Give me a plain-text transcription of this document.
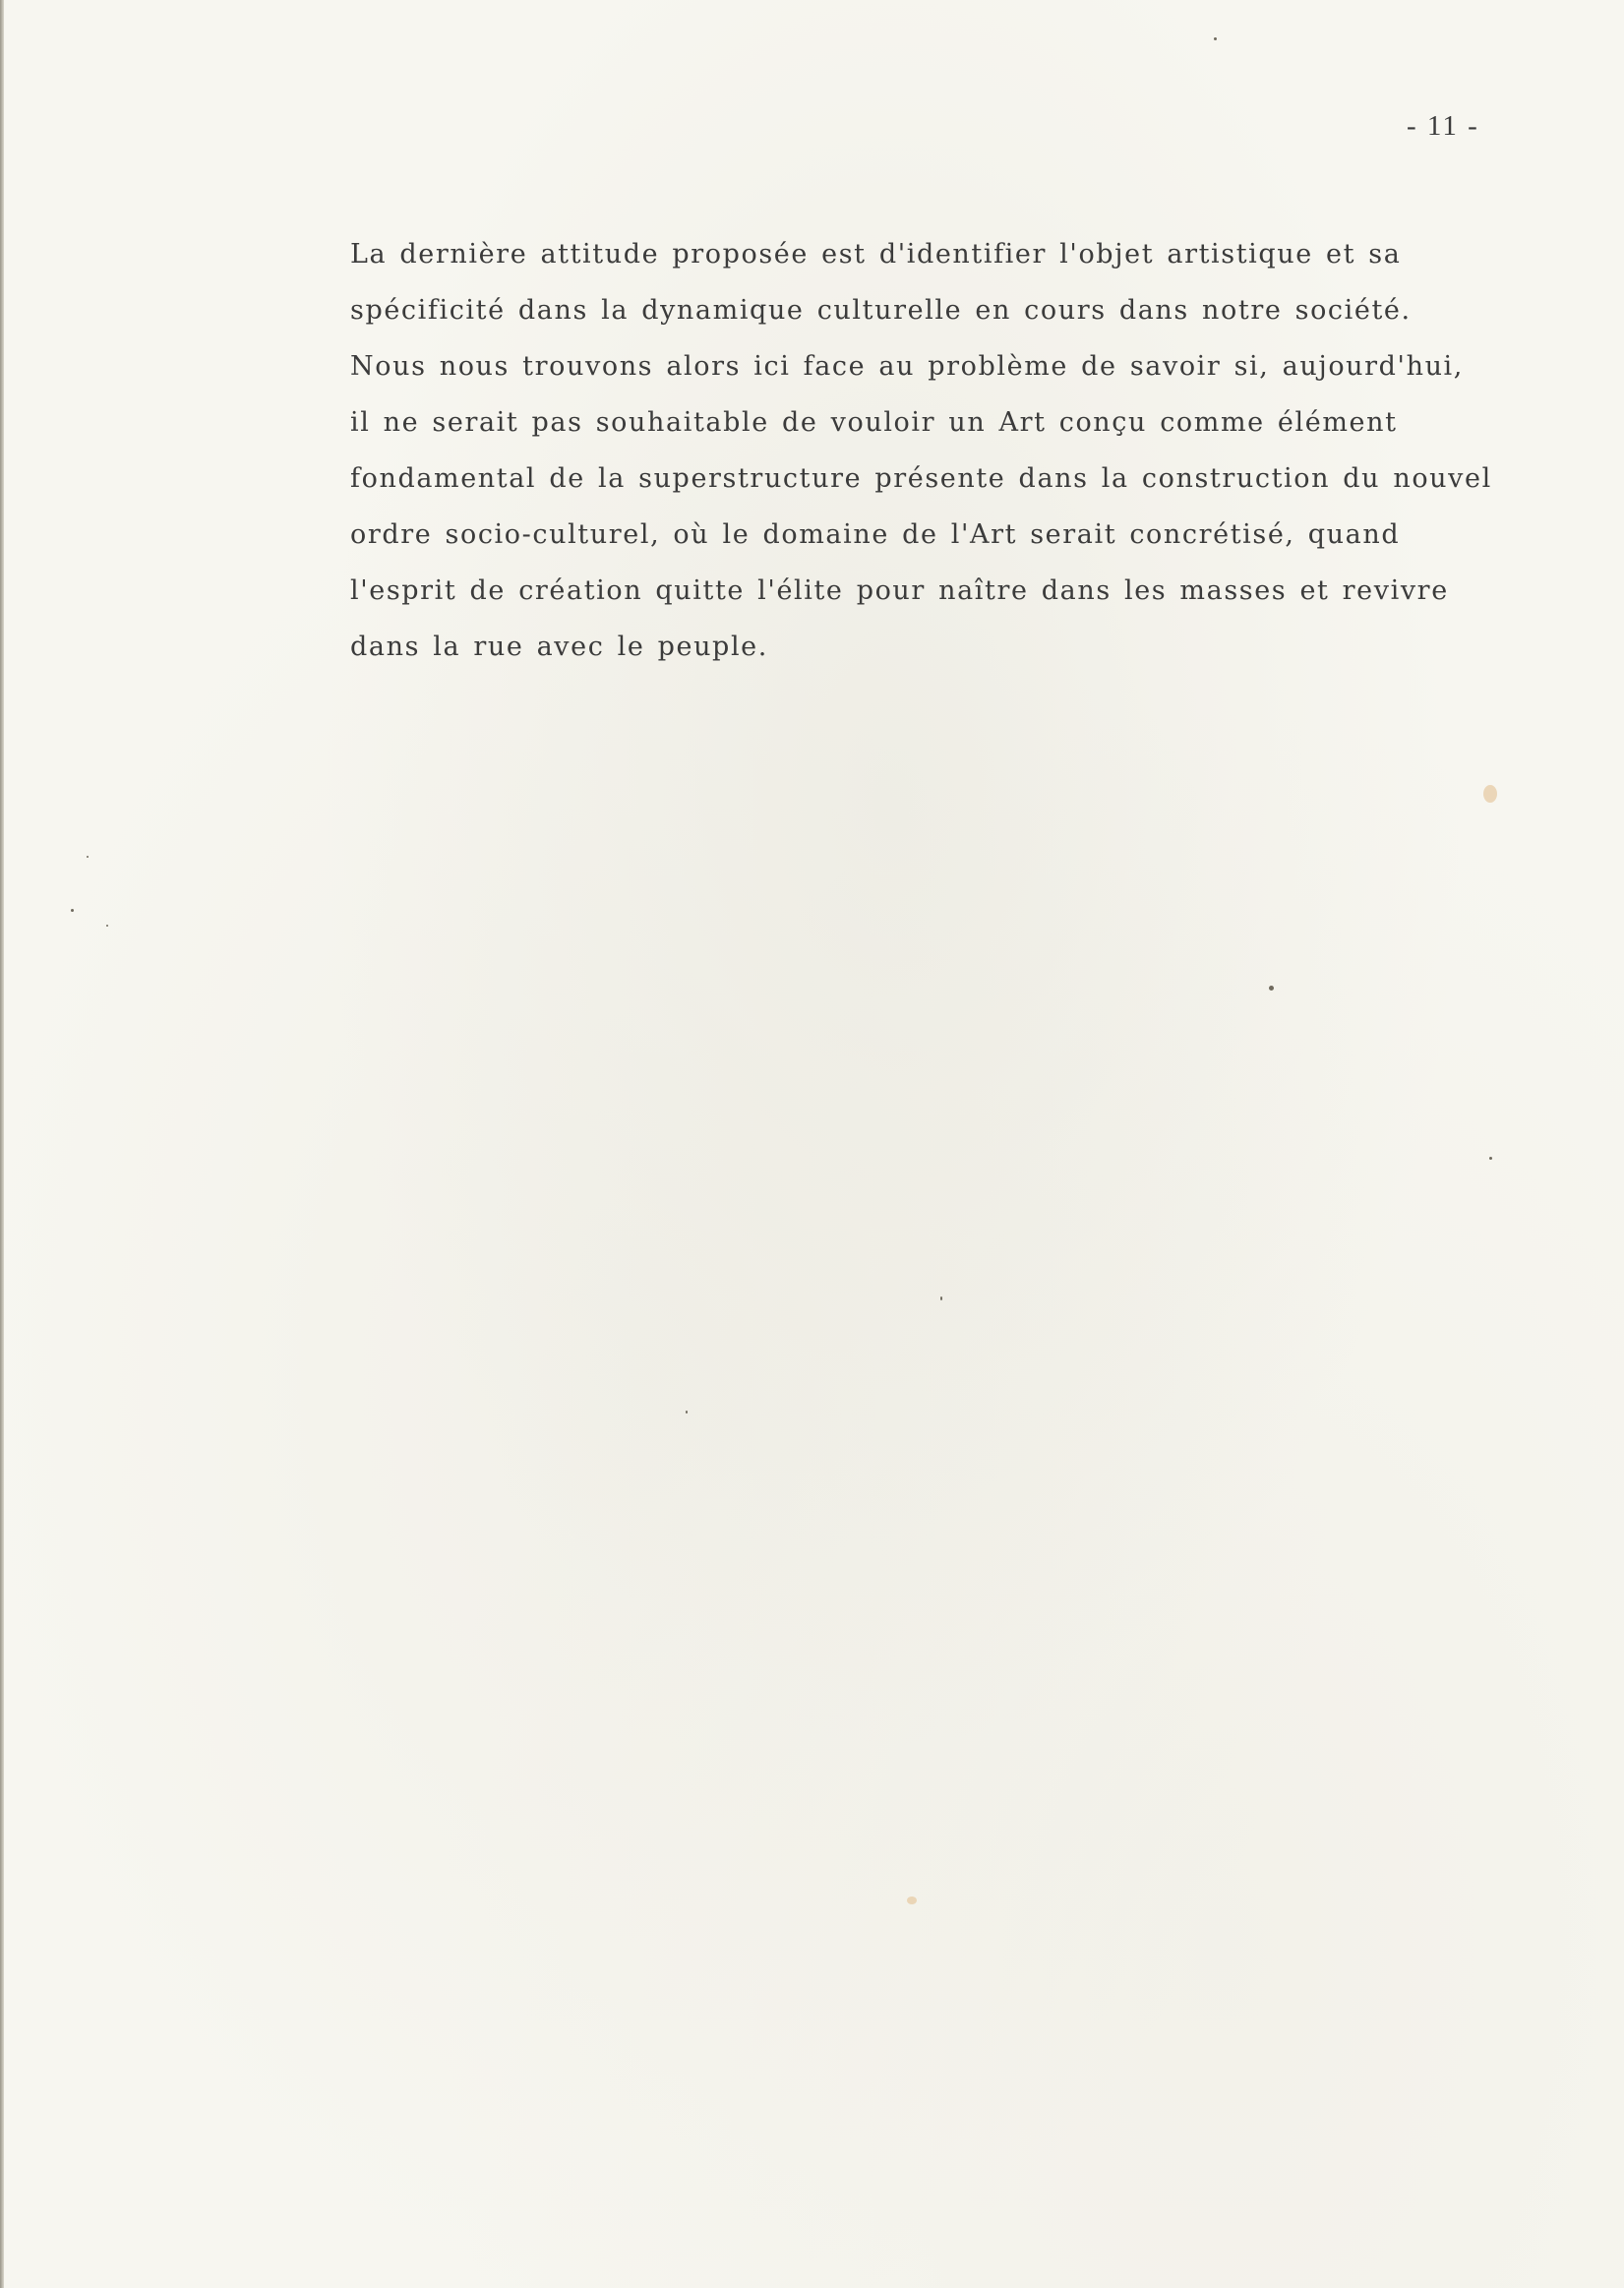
- 11 -

La dernière attitude proposée est d'identifier l'objet artistique et sa
spécificité dans la dynamique culturelle en cours dans notre société.
Nous nous trouvons alors ici face au problème de savoir si, aujourd'hui,
il ne serait pas souhaitable de vouloir un Art conçu comme élément
fondamental de la superstructure présente dans la construction du nouvel
ordre socio-culturel, où le domaine de l'Art serait concrétisé, quand
l'esprit de création quitte l'élite pour naître dans les masses et revivre
dans la rue avec le peuple.
